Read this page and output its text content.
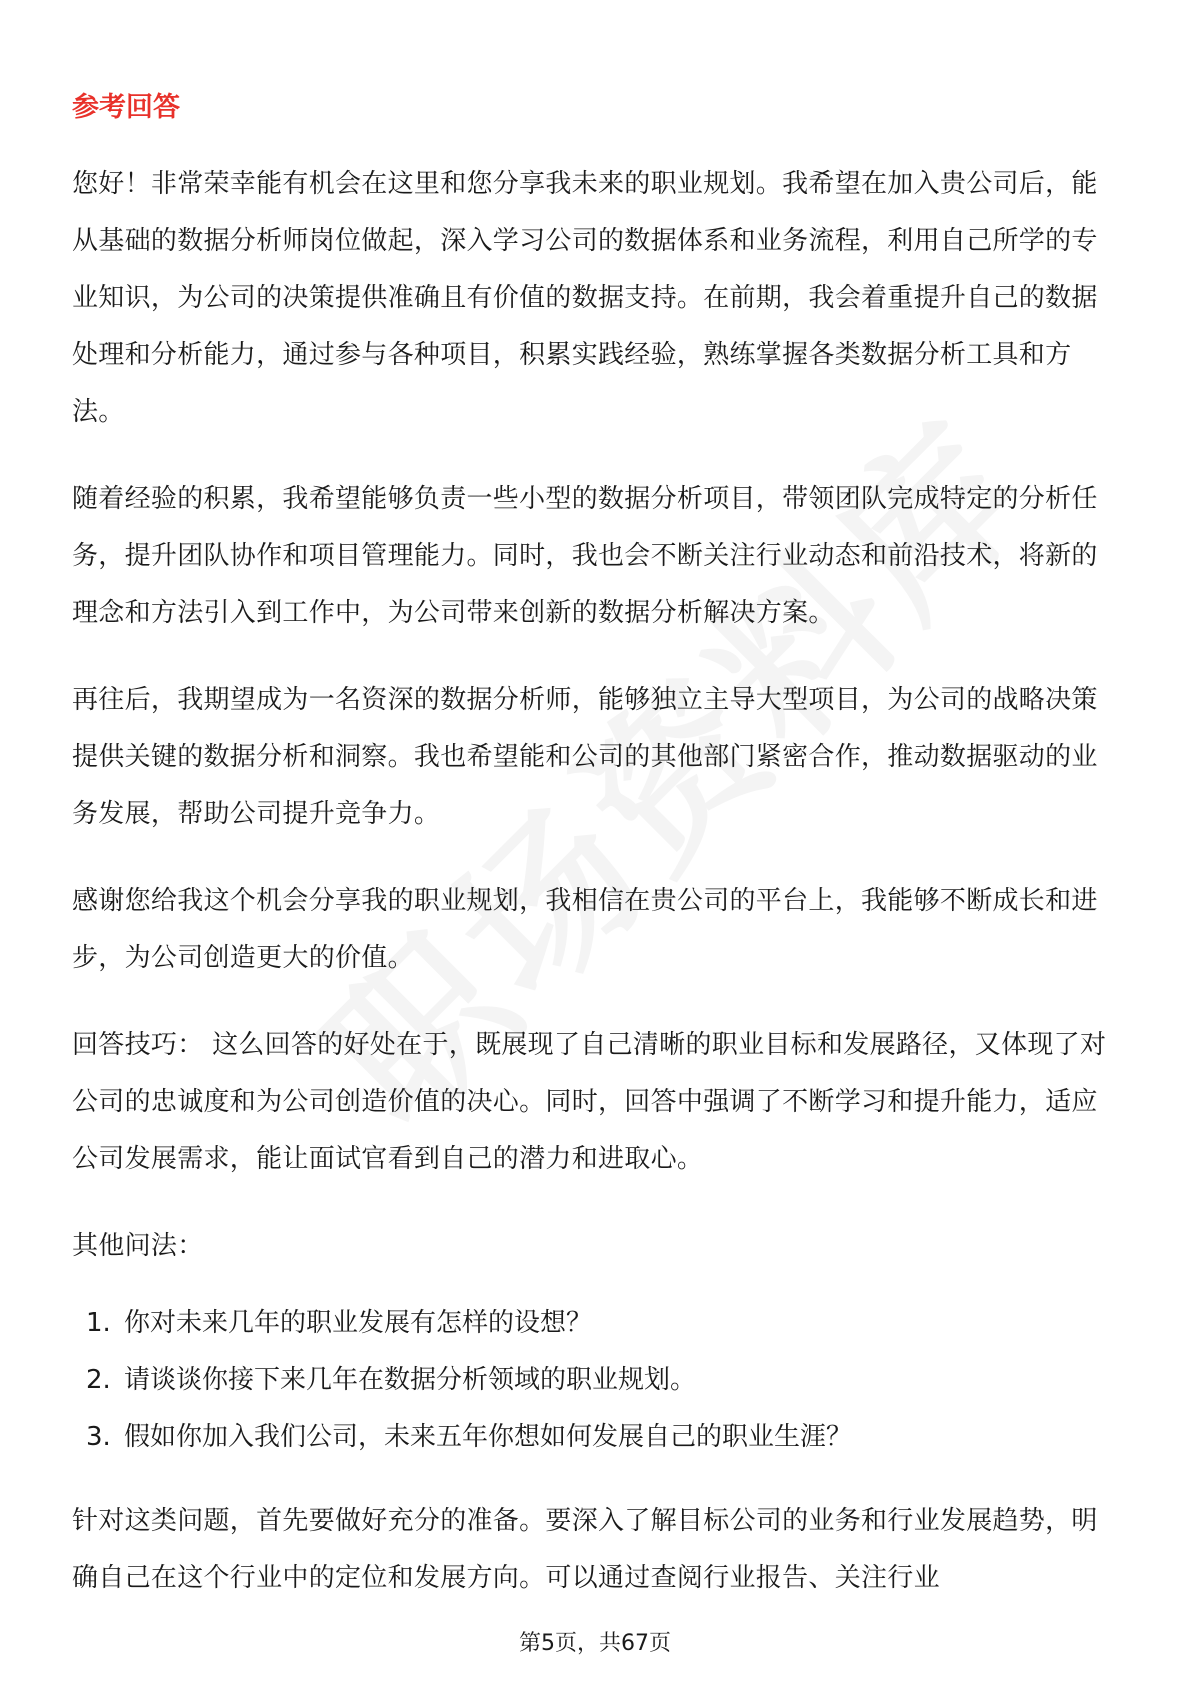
参考回答

您好！非常荣幸能有机会在这里和您分享我未来的职业规划。我希望在加入贵公司后，能从基础的数据分析师岗位做起，深入学习公司的数据体系和业务流程，利用自己所学的专业知识，为公司的决策提供准确且有价值的数据支持。在前期，我会着重提升自己的数据处理和分析能力，通过参与各种项目，积累实践经验，熟练掌握各类数据分析工具和方法。

随着经验的积累，我希望能够负责一些小型的数据分析项目，带领团队完成特定的分析任务，提升团队协作和项目管理能力。同时，我也会不断关注行业动态和前沿技术，将新的理念和方法引入到工作中，为公司带来创新的数据分析解决方案。

再往后，我期望成为一名资深的数据分析师，能够独立主导大型项目，为公司的战略决策提供关键的数据分析和洞察。我也希望能和公司的其他部门紧密合作，推动数据驱动的业务发展，帮助公司提升竞争力。

感谢您给我这个机会分享我的职业规划，我相信在贵公司的平台上，我能够不断成长和进步，为公司创造更大的价值。

回答技巧： 这么回答的好处在于，既展现了自己清晰的职业目标和发展路径，又体现了对公司的忠诚度和为公司创造价值的决心。同时，回答中强调了不断学习和提升能力，适应公司发展需求，能让面试官看到自己的潜力和进取心。

其他问法：

1. 你对未来几年的职业发展有怎样的设想？
2. 请谈谈你接下来几年在数据分析领域的职业规划。
3. 假如你加入我们公司，未来五年你想如何发展自己的职业生涯？

针对这类问题，首先要做好充分的准备。要深入了解目标公司的业务和行业发展趋势，明确自己在这个行业中的定位和发展方向。可以通过查阅行业报告、关注行业

第5页，共67页
